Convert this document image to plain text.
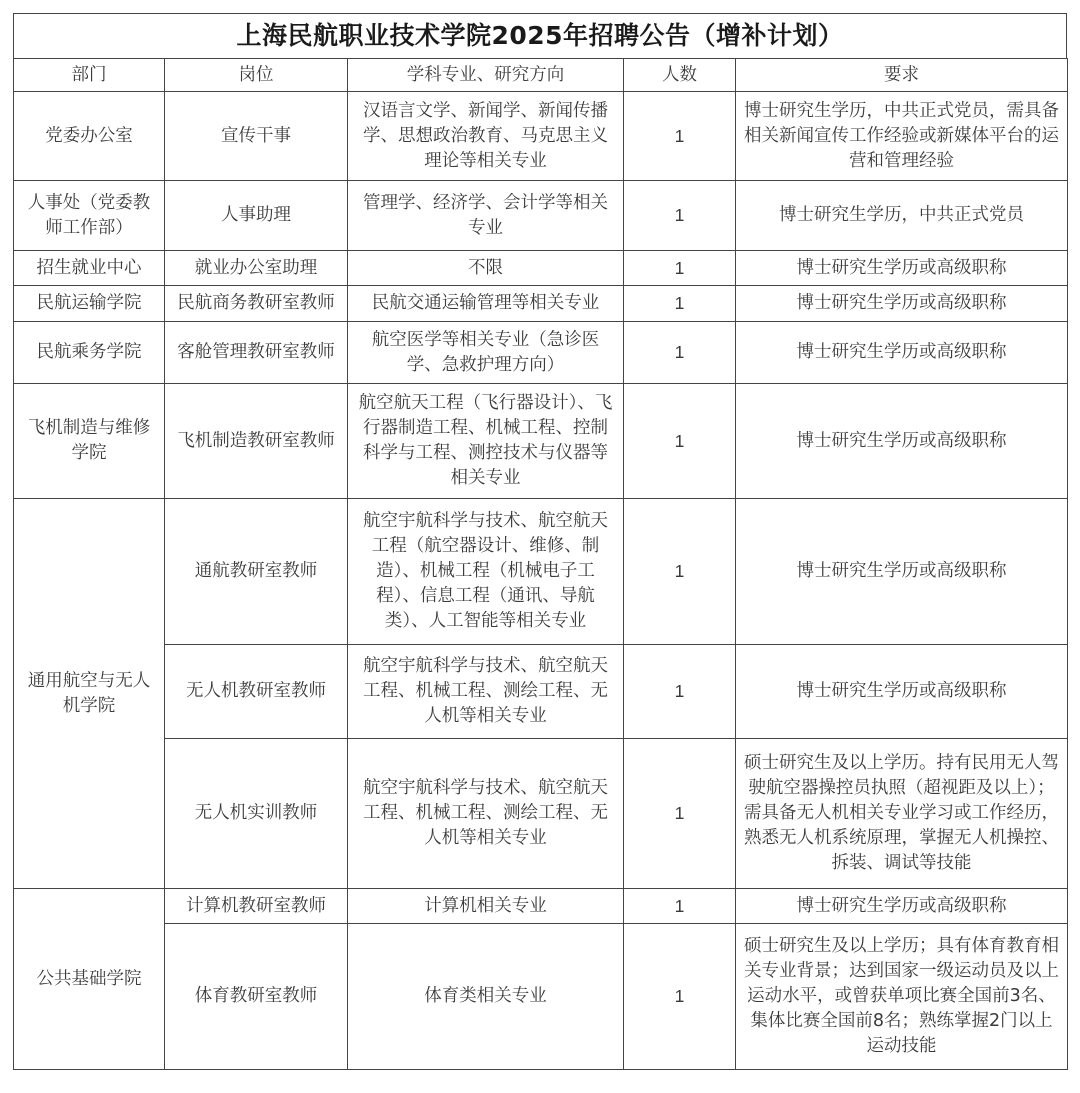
上海民航职业技术学院2025年招聘公告（增补计划）
部门	岗位	学科专业、研究方向	人数	要求
党委办公室	宣传干事	汉语言文学、新闻学、新闻传播学、思想政治教育、马克思主义理论等相关专业	1	博士研究生学历，中共正式党员，需具备相关新闻宣传工作经验或新媒体平台的运营和管理经验
人事处（党委教师工作部）	人事助理	管理学、经济学、会计学等相关专业	1	博士研究生学历，中共正式党员
招生就业中心	就业办公室助理	不限	1	博士研究生学历或高级职称
民航运输学院	民航商务教研室教师	民航交通运输管理等相关专业	1	博士研究生学历或高级职称
民航乘务学院	客舱管理教研室教师	航空医学等相关专业（急诊医学、急救护理方向）	1	博士研究生学历或高级职称
飞机制造与维修学院	飞机制造教研室教师	航空航天工程（飞行器设计）、飞行器制造工程、机械工程、控制科学与工程、测控技术与仪器等相关专业	1	博士研究生学历或高级职称
通用航空与无人机学院	通航教研室教师	航空宇航科学与技术、航空航天工程（航空器设计、维修、制造）、机械工程（机械电子工程）、信息工程（通讯、导航类）、人工智能等相关专业	1	博士研究生学历或高级职称
	无人机教研室教师	航空宇航科学与技术、航空航天工程、机械工程、测绘工程、无人机等相关专业	1	博士研究生学历或高级职称
	无人机实训教师	航空宇航科学与技术、航空航天工程、机械工程、测绘工程、无人机等相关专业	1	硕士研究生及以上学历。持有民用无人驾驶航空器操控员执照（超视距及以上）；需具备无人机相关专业学习或工作经历，熟悉无人机系统原理，掌握无人机操控、拆装、调试等技能
公共基础学院	计算机教研室教师	计算机相关专业	1	博士研究生学历或高级职称
	体育教研室教师	体育类相关专业	1	硕士研究生及以上学历；具有体育教育相关专业背景；达到国家一级运动员及以上运动水平，或曾获单项比赛全国前3名、集体比赛全国前8名；熟练掌握2门以上运动技能
